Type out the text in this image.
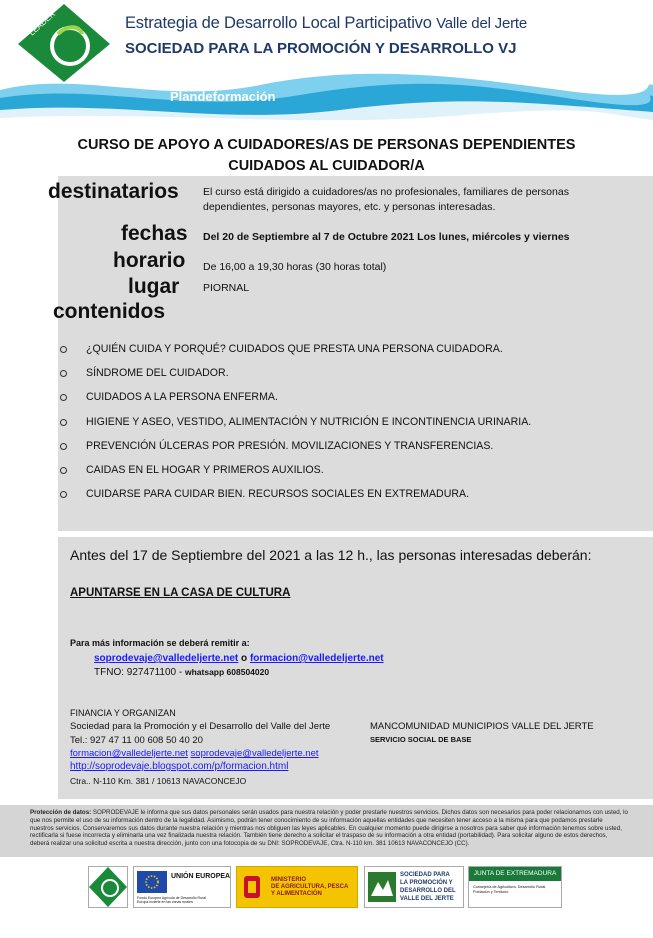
LEADER	Estrategia de Desarrollo Local Participativo Valle del Jerte
SOCIEDAD PARA LA PROMOCIÓN Y DESARROLLO VJ
Plandeformación
CURSO DE APOYO A CUIDADORES/AS DE PERSONAS DEPENDIENTES
CUIDADOS AL CUIDADOR/A
destinatarios El curso está dirigido a cuidadores/as no profesionales, familiares de personas dependientes, personas mayores, etc. y personas interesadas.
fechas Del 20 de Septiembre al 7 de Octubre 2021 Los lunes, miércoles y viernes
horario De 16,00 a 19,30 horas (30 horas total)
lugar PIORNAL
contenidos
¿QUIÉN CUIDA Y PORQUÉ? CUIDADOS QUE PRESTA UNA PERSONA CUIDADORA.
SÍNDROME DEL CUIDADOR.
CUIDADOS A LA PERSONA ENFERMA.
HIGIENE Y ASEO, VESTIDO, ALIMENTACIÓN Y NUTRICIÓN E INCONTINENCIA URINARIA.
PREVENCIÓN ÚLCERAS POR PRESIÓN. MOVILIZACIONES Y TRANSFERENCIAS.
CAIDAS EN EL HOGAR Y PRIMEROS AUXILIOS.
CUIDARSE PARA CUIDAR BIEN. RECURSOS SOCIALES EN EXTREMADURA.
Antes del 17 de Septiembre del 2021 a las 12 h., las personas interesadas deberán:
APUNTARSE EN LA CASA DE CULTURA
Para más información se deberá remitir a:
soprodevaje@valledeljerte.net o formacion@valledeljerte.net
TFNO: 927471100 - whatsapp 608504020
FINANCIA Y ORGANIZAN
Sociedad para la Promoción y el Desarrollo del Valle del Jerte
Tel.: 927 47 11 00 608 50 40 20
formacion@valledeljerte.net soprodevaje@valledeljerte.net
http://soprodevaje.blogspot.com/p/formacion.html
Ctra.. N-110 Km. 381 / 10613 NAVACONCEJO
MANCOMUNIDAD MUNICIPIOS VALLE DEL JERTE
SERVICIO SOCIAL DE BASE

Protección de datos: SOPRODEVAJE le informa que sus datos personales serán usados para nuestra relación y poder prestarle nuestros servicios. Dichos datos son necesarios para poder relacionarnos con usted, lo que nos permite el uso de su información dentro de la legalidad. Asimismo, podrán tener conocimiento de su información aquellas entidades que necesiten tener acceso a la misma para que podamos prestarle nuestros servicios. Conservaremos sus datos durante nuestra relación y mientras nos obliguen las leyes aplicables. En cualquier momento puede dirigirse a nosotros para saber qué información tenemos sobre usted, rectificarla si fuese incorrecta y eliminarla una vez finalizada nuestra relación. También tiene derecho a solicitar el traspaso de su información a otra entidad (portabilidad). Para solicitar alguno de estos derechos, deberá realizar una solicitud escrita a nuestra dirección, junto con una fotocopia de su DNI: SOPRODEVAJE, Ctra. N-110 km. 381 10613 NAVACONCEJO (CC).

UNIÓN EUROPEA
Fondo Europeo Agrícola de Desarrollo Rural
Europa invierte en las zonas rurales
MINISTERIO
DE AGRICULTURA, PESCA
Y ALIMENTACIÓN
SOCIEDAD PARA
LA PROMOCIÓN Y
DESARROLLO DEL
VALLE DEL JERTE
JUNTA DE EXTREMADURA
Consejería de Agricultura, Desarrollo Rural,
Población y Territorio
